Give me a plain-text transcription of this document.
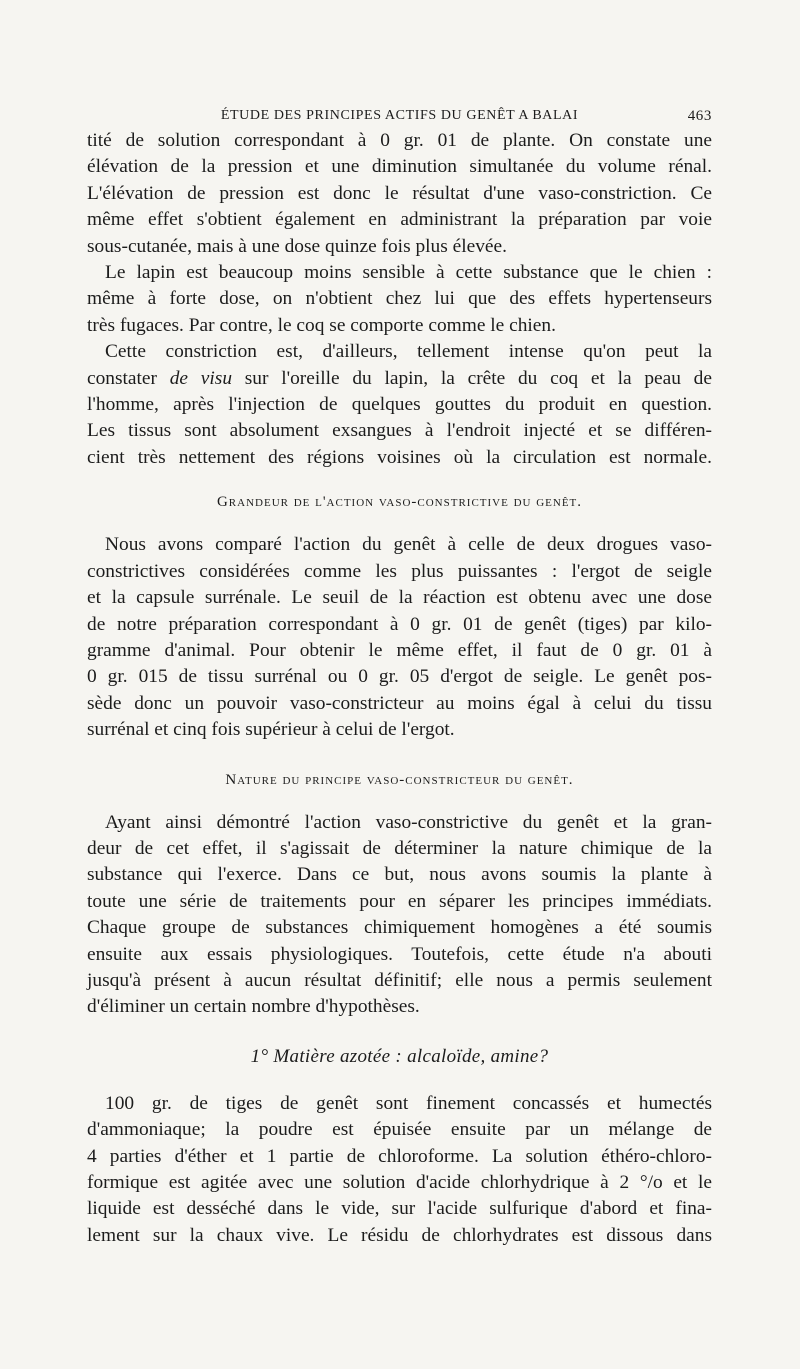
ÉTUDE DES PRINCIPES ACTIFS DU GENÊT A BALAI	463

tité de solution correspondant à 0 gr. 01 de plante. On constate une
élévation de la pression et une diminution simultanée du volume rénal.
L'élévation de pression est donc le résultat d'une vaso-constriction. Ce
même effet s'obtient également en administrant la préparation par voie
sous-cutanée, mais à une dose quinze fois plus élevée.

Le lapin est beaucoup moins sensible à cette substance que le chien :
même à forte dose, on n'obtient chez lui que des effets hypertenseurs
très fugaces. Par contre, le coq se comporte comme le chien.

Cette constriction est, d'ailleurs, tellement intense qu'on peut la
constater de visu sur l'oreille du lapin, la crête du coq et la peau de
l'homme, après l'injection de quelques gouttes du produit en question.
Les tissus sont absolument exsangues à l'endroit injecté et se différen-
cient très nettement des régions voisines où la circulation est normale.

Grandeur de l'action vaso-constrictive du genêt.

Nous avons comparé l'action du genêt à celle de deux drogues vaso-
constrictives considérées comme les plus puissantes : l'ergot de seigle
et la capsule surrénale. Le seuil de la réaction est obtenu avec une dose
de notre préparation correspondant à 0 gr. 01 de genêt (tiges) par kilo-
gramme d'animal. Pour obtenir le même effet, il faut de 0 gr. 01 à
0 gr. 015 de tissu surrénal ou 0 gr. 05 d'ergot de seigle. Le genêt pos-
sède donc un pouvoir vaso-constricteur au moins égal à celui du tissu
surrénal et cinq fois supérieur à celui de l'ergot.

Nature du principe vaso-constricteur du genêt.

Ayant ainsi démontré l'action vaso-constrictive du genêt et la gran-
deur de cet effet, il s'agissait de déterminer la nature chimique de la
substance qui l'exerce. Dans ce but, nous avons soumis la plante à
toute une série de traitements pour en séparer les principes immédiats.
Chaque groupe de substances chimiquement homogènes a été soumis
ensuite aux essais physiologiques. Toutefois, cette étude n'a abouti
jusqu'à présent à aucun résultat définitif; elle nous a permis seulement
d'éliminer un certain nombre d'hypothèses.

1° Matière azotée : alcaloïde, amine?

100 gr. de tiges de genêt sont finement concassés et humectés
d'ammoniaque; la poudre est épuisée ensuite par un mélange de
4 parties d'éther et 1 partie de chloroforme. La solution éthéro-chloro-
formique est agitée avec une solution d'acide chlorhydrique à 2 °/o et le
liquide est desséché dans le vide, sur l'acide sulfurique d'abord et fina-
lement sur la chaux vive. Le résidu de chlorhydrates est dissous dans
